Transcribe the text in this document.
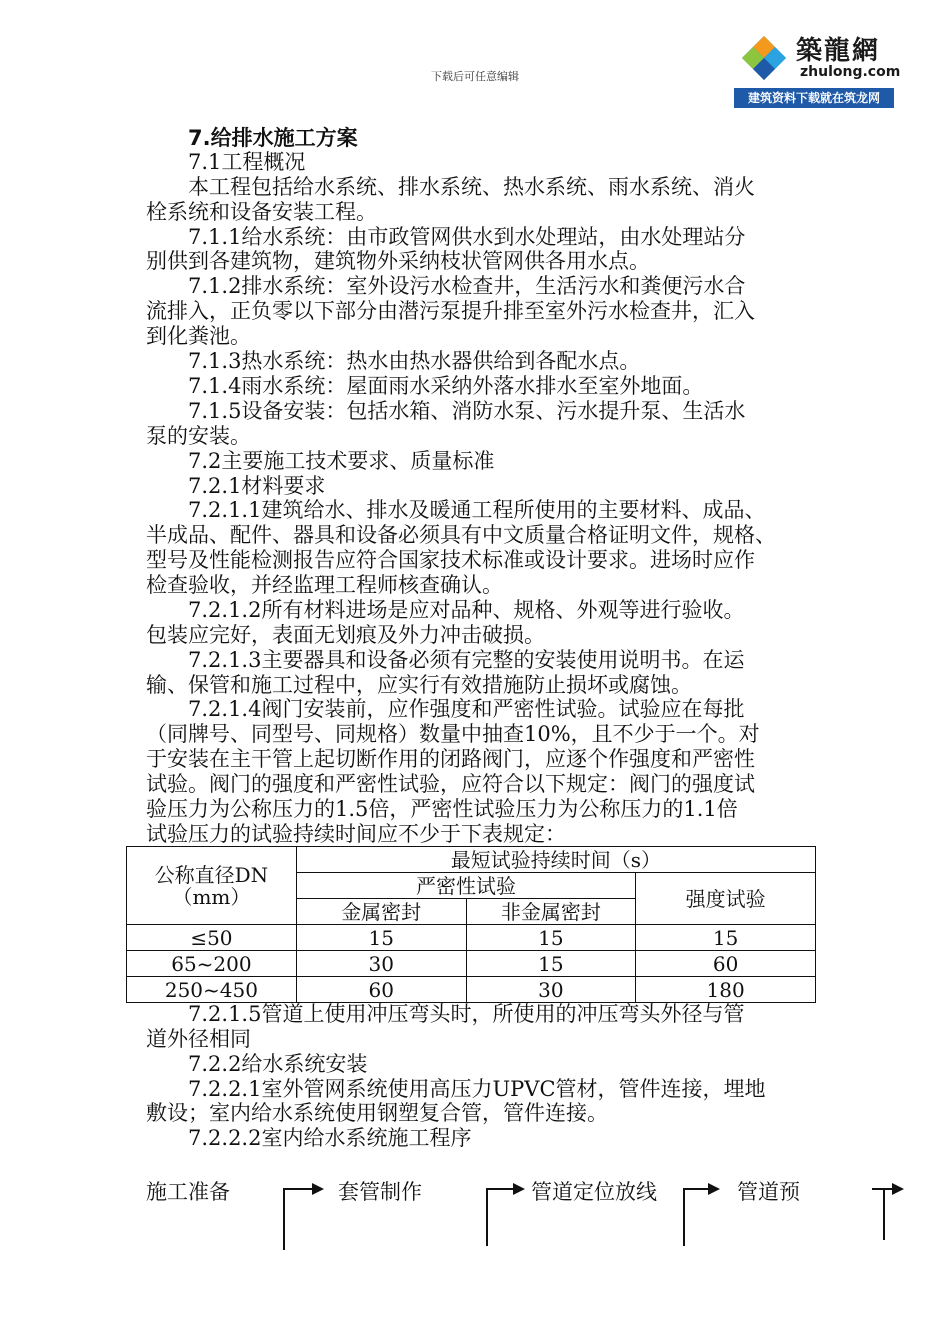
下载后可任意编辑
築龍網
zhulong.com
建筑资料下载就在筑龙网
7.给排水施工方案
7.1工程概况
本工程包括给水系统、排水系统、热水系统、雨水系统、消火
栓系统和设备安装工程。
7.1.1给水系统：由市政管网供水到水处理站，由水处理站分
别供到各建筑物，建筑物外采纳枝状管网供各用水点。
7.1.2排水系统：室外设污水检查井，生活污水和粪便污水合
流排入，正负零以下部分由潜污泵提升排至室外污水检查井，汇入
到化粪池。
7.1.3热水系统：热水由热水器供给到各配水点。
7.1.4雨水系统：屋面雨水采纳外落水排水至室外地面。
7.1.5设备安装：包括水箱、消防水泵、污水提升泵、生活水
泵的安装。
7.2主要施工技术要求、质量标准
7.2.1材料要求
7.2.1.1建筑给水、排水及暖通工程所使用的主要材料、成品、
半成品、配件、器具和设备必须具有中文质量合格证明文件，规格、
型号及性能检测报告应符合国家技术标准或设计要求。进场时应作
检查验收，并经监理工程师核查确认。
7.2.1.2所有材料进场是应对品种、规格、外观等进行验收。
包装应完好，表面无划痕及外力冲击破损。
7.2.1.3主要器具和设备必须有完整的安装使用说明书。在运
输、保管和施工过程中，应实行有效措施防止损坏或腐蚀。
7.2.1.4阀门安装前，应作强度和严密性试验。试验应在每批
（同牌号、同型号、同规格）数量中抽查10%，且不少于一个。对
于安装在主干管上起切断作用的闭路阀门，应逐个作强度和严密性
试验。阀门的强度和严密性试验，应符合以下规定：阀门的强度试
验压力为公称压力的1.5倍，严密性试验压力为公称压力的1.1倍
试验压力的试验持续时间应不少于下表规定：
公称直径DN
（mm）	最短试验持续时间（s）		
	严密性试验		强度试验
	金属密封	非金属密封	
≤50	15	15	15
65~200	30	15	60
250~450	60	30	180
7.2.1.5管道上使用冲压弯头时，所使用的冲压弯头外径与管
道外径相同
7.2.2给水系统安装
7.2.2.1室外管网系统使用高压力UPVC管材，管件连接，埋地
敷设；室内给水系统使用钢塑复合管，管件连接。
7.2.2.2室内给水系统施工程序
施工准备	套管制作	管道定位放线	管道预
